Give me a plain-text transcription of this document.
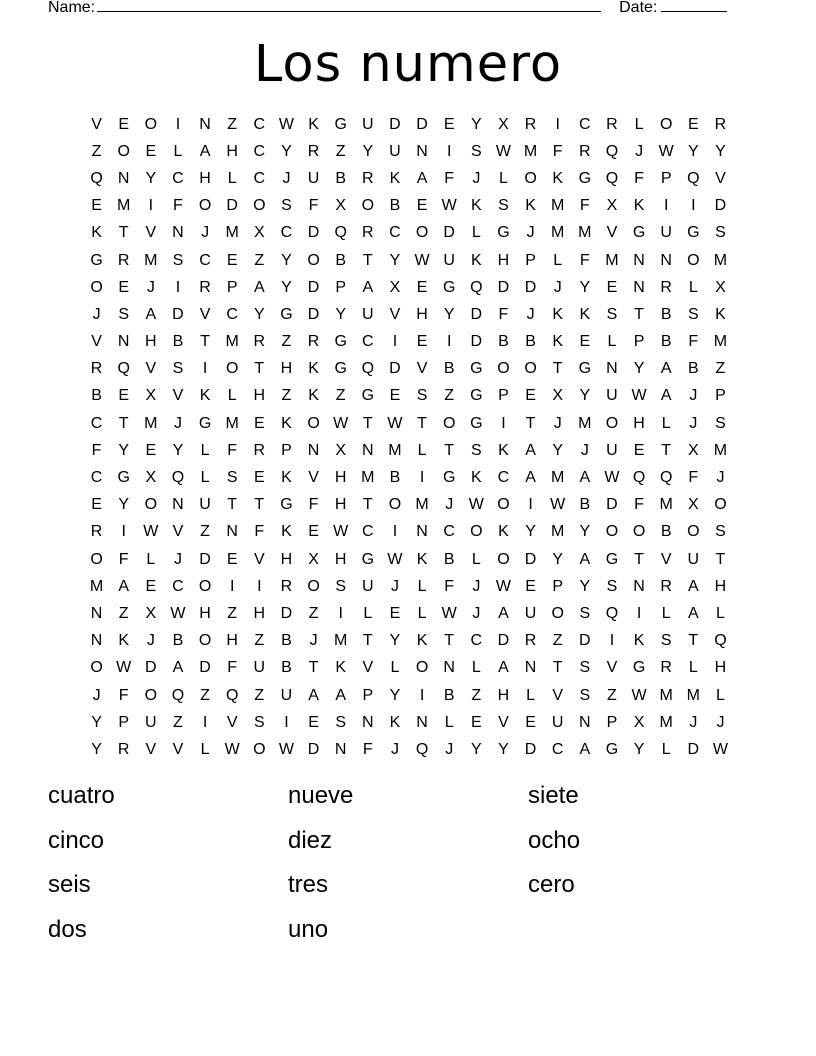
Name:	Date:
Los numero
V	E O	I	N	Z	C W K G U D D	E	Y	X	R	I	C R	L	O E	R
Z	O E	L	A	H C	Y	R	Z	Y	U N	I	S W M F	R Q	J W Y	Y
Q N	Y	C H	L	C	J	U	B	R	K	A	F	J	L	O K G Q	F	P Q V
E M	I	F	O D O S	F	X O B	E W K	S	K M F	X	K	I	I	D
K	T	V	N	J	M X	C D Q R C O D	L	G	J	M M V G U G S
G R M S	C	E	Z	Y O B	T	Y W U	K	H	P	L	F M N N O M
O E	J	I	R	P	A	Y	D	P	A	X	E G Q D D	J	Y	E	N R	L	X
J	S	A	D	V	C	Y G D	Y	U	V	H	Y	D	F	J	K	K	S	T	B	S	K
V	N H	B	T M R	Z	R G C	I	E	I	D	B	B	K	E	L	P	B	F M
R Q V	S	I	O	T	H	K G Q D	V	B G O O	T	G N	Y	A	B	Z
B	E	X	V	K	L	H	Z	K	Z	G E	S	Z	G P	E	X	Y	U W A	J	P
C	T M	J	G M E	K O W T W T	O G	I	T	J	M O H	L	J	S
F	Y	E	Y	L	F	R	P	N	X	N M	L	T	S	K	A	Y	J	U	E	T	X M
C G X Q	L	S	E	K	V	H M B	I	G K	C	A M A W Q Q	F	J
E	Y O N U	T	T	G	F	H	T	O M	J W O	I	W B	D	F M X O
R	I	W V	Z	N	F	K	E W C	I	N C O K	Y M Y O O B O S
O	F	L	J	D	E	V	H	X	H G W K	B	L	O D	Y	A G	T	V	U	T
M A	E	C O	I	I	R O S	U	J	L	F	J W E	P	Y	S	N R	A	H
N	Z	X W H	Z	H D	Z	I	L	E	L W J	A	U O S Q	I	L	A	L
N	K	J	B O H	Z	B	J	M T	Y	K	T	C D R	Z	D	I	K	S	T	Q
O W D	A	D	F	U	B	T	K	V	L	O N	L	A	N	T	S	V G R	L	H
J	F	O Q	Z	Q	Z	U	A	A	P	Y	I	B	Z	H	L	V	S	Z W M M	L
Y	P	U	Z	I	V	S	I	E	S	N	K	N	L	E	V	E	U N	P	X M	J	J
Y	R	V	V	L W O W D N	F	J	Q	J	Y	Y	D C	A G Y	L	D W
cuatro	nueve	siete
cinco	diez	ocho
seis	tres	cero
dos	uno
